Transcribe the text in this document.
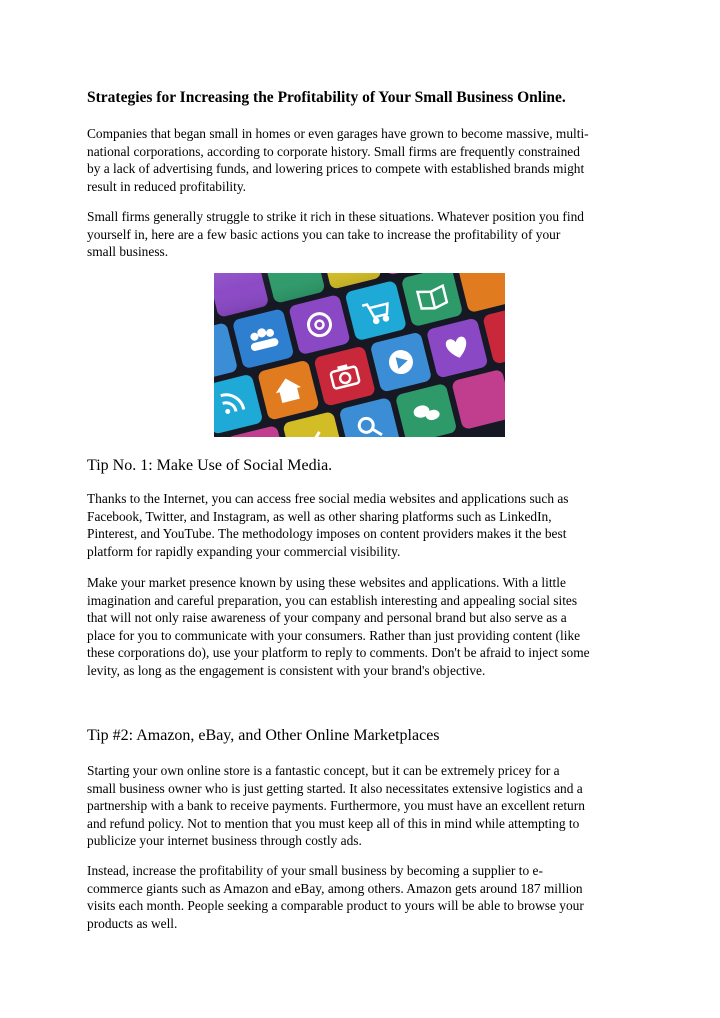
Strategies for Increasing the Profitability of Your Small Business Online.

Companies that began small in homes or even garages have grown to become massive, multi-
national corporations, according to corporate history. Small firms are frequently constrained
by a lack of advertising funds, and lowering prices to compete with established brands might
result in reduced profitability.

Small firms generally struggle to strike it rich in these situations. Whatever position you find
yourself in, here are a few basic actions you can take to increase the profitability of your
small business.

Tip No. 1: Make Use of Social Media.

Thanks to the Internet, you can access free social media websites and applications such as
Facebook, Twitter, and Instagram, as well as other sharing platforms such as LinkedIn,
Pinterest, and YouTube. The methodology imposes on content providers makes it the best
platform for rapidly expanding your commercial visibility.

Make your market presence known by using these websites and applications. With a little
imagination and careful preparation, you can establish interesting and appealing social sites
that will not only raise awareness of your company and personal brand but also serve as a
place for you to communicate with your consumers. Rather than just providing content (like
these corporations do), use your platform to reply to comments. Don't be afraid to inject some
levity, as long as the engagement is consistent with your brand's objective.

Tip #2: Amazon, eBay, and Other Online Marketplaces

Starting your own online store is a fantastic concept, but it can be extremely pricey for a
small business owner who is just getting started. It also necessitates extensive logistics and a
partnership with a bank to receive payments. Furthermore, you must have an excellent return
and refund policy. Not to mention that you must keep all of this in mind while attempting to
publicize your internet business through costly ads.

Instead, increase the profitability of your small business by becoming a supplier to e-
commerce giants such as Amazon and eBay, among others. Amazon gets around 187 million
visits each month. People seeking a comparable product to yours will be able to browse your
products as well.
